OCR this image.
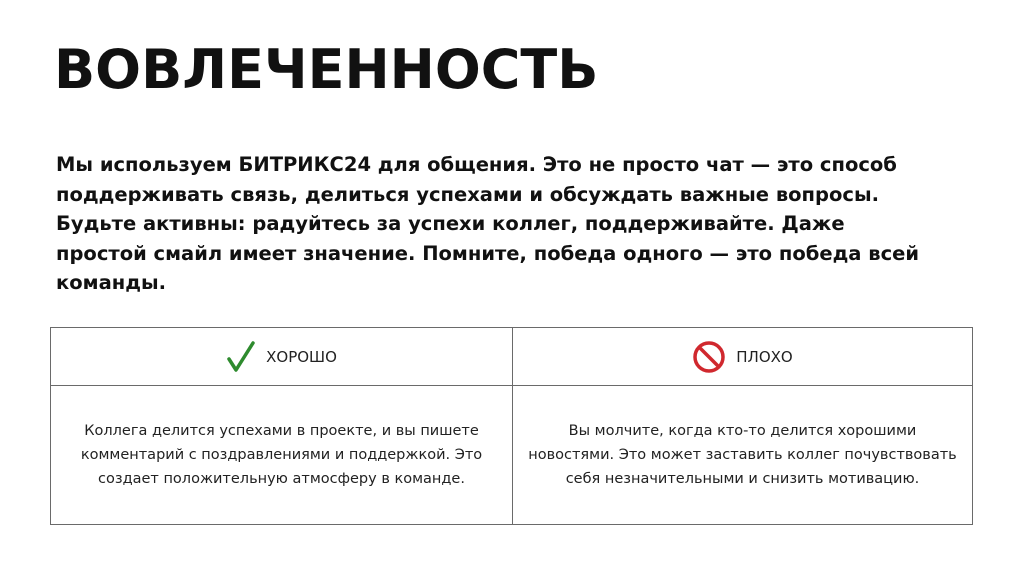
ВОВЛЕЧЕННОСТЬ
Мы используем БИТРИКС24 для общения. Это не просто чат — это способ поддерживать связь, делиться успехами и обсуждать важные вопросы. Будьте активны: радуйтесь за успехи коллег, поддерживайте. Даже простой смайл имеет значение. Помните, победа одного — это победа всей команды.
ХОРОШО	ПЛОХО
Коллега делится успехами в проекте, и вы пишете комментарий с поздравлениями и поддержкой. Это создает положительную атмосферу в команде.
Вы молчите, когда кто-то делится хорошими новостями. Это может заставить коллег почувствовать себя незначительными и снизить мотивацию.
